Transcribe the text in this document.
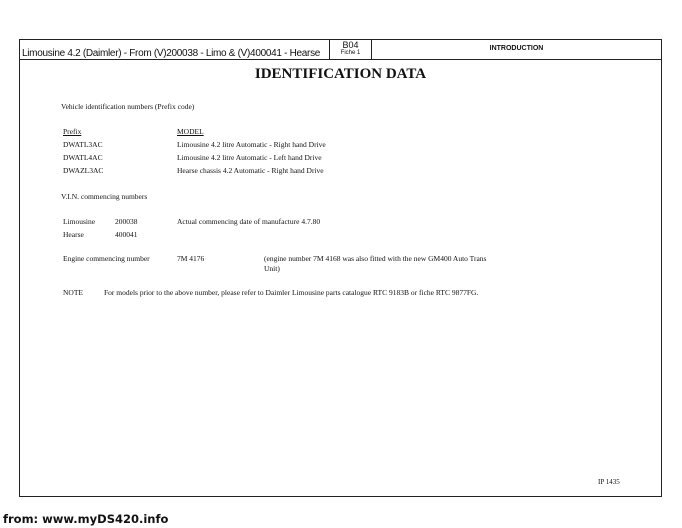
Limousine 4.2 (Daimler) - From (V)200038 - Limo & (V)400041 - Hearse
B04
Fiche 1
INTRODUCTION
IDENTIFICATION DATA
Vehicle identification numbers (Prefix code)
Prefix	MODEL
DWATL3AC	Limousine 4.2 litre Automatic - Right hand Drive
DWATL4AC	Limousine 4.2 litre Automatic - Left hand Drive
DWAZL3AC	Hearse chassis 4.2 Automatic - Right hand Drive
V.I.N. commencing numbers
Limousine	200038	Actual commencing date of manufacture 4.7.80
Hearse	400041
Engine commencing number	7M 4176	(engine number 7M 4168 was also fitted with the new GM400 Auto Trans
Unit)
NOTE	For models prior to the above number, please refer to Daimler Limousine parts catalogue RTC 9183B or fiche RTC 9877FG.
IP 1435
from: www.myDS420.info
